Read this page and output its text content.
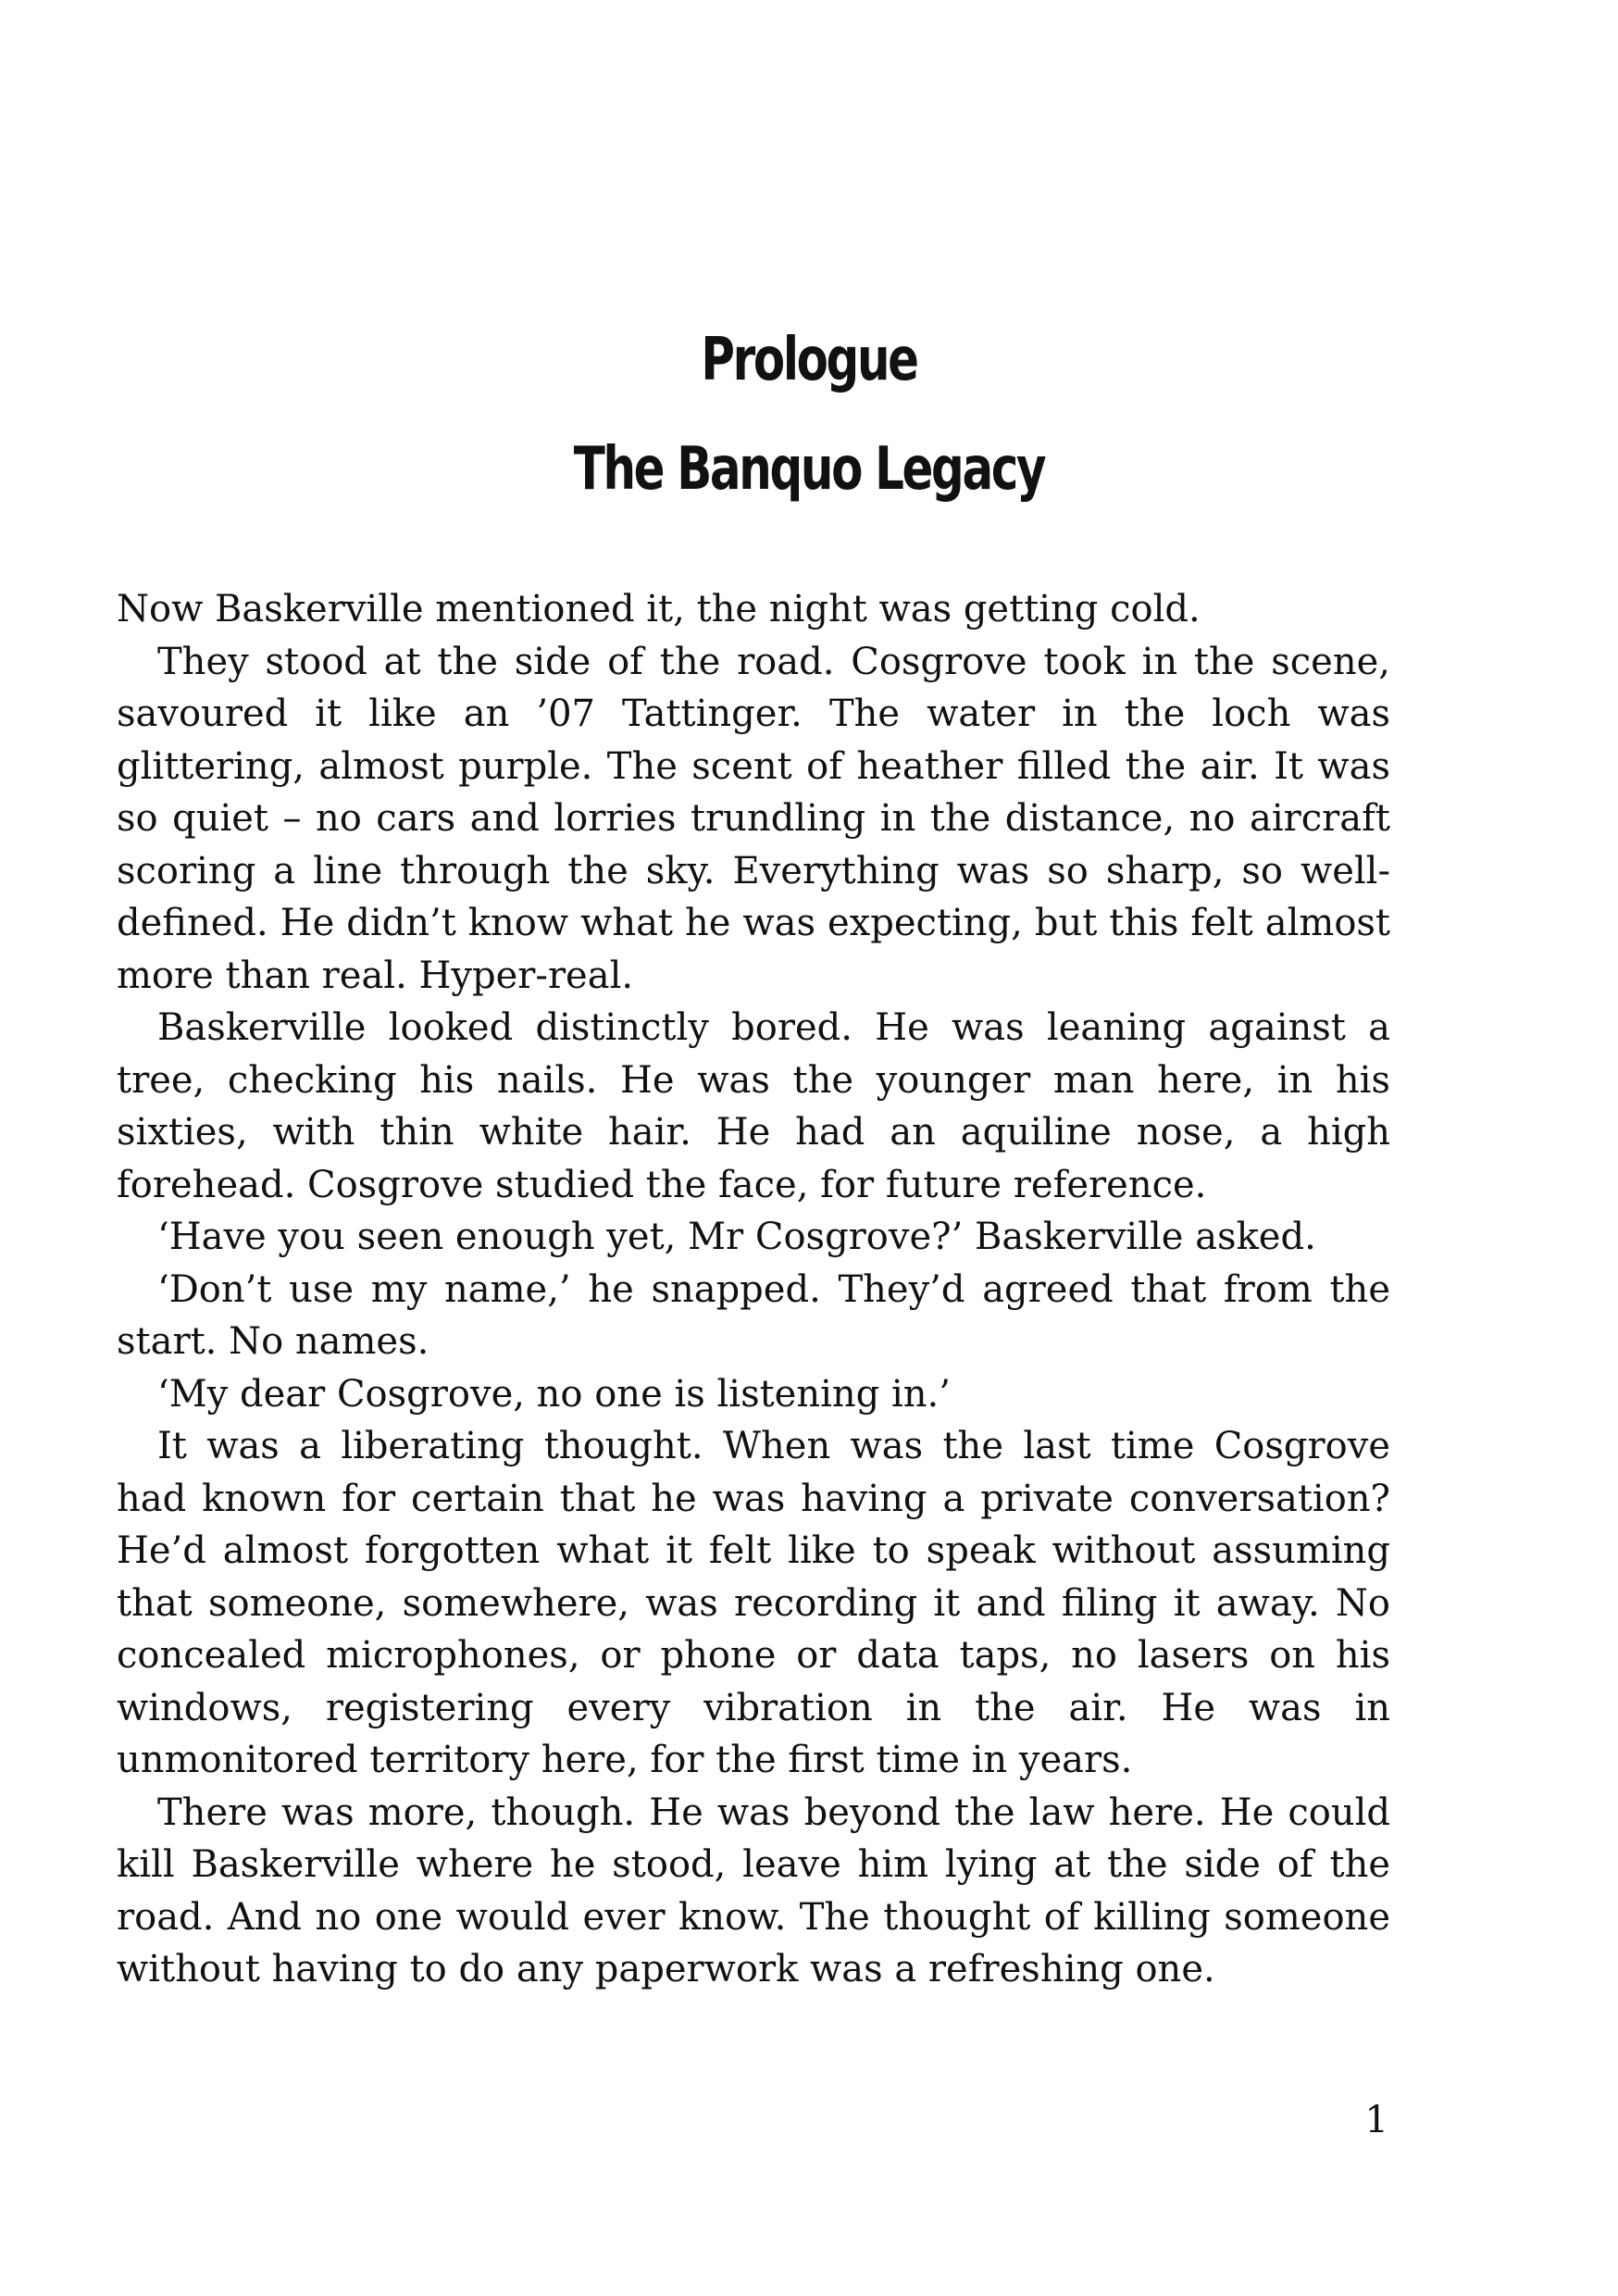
Prologue
The Banquo Legacy

Now Baskerville mentioned it, the night was getting cold.

They stood at the side of the road. Cosgrove took in the scene, savoured it like an ’07 Tattinger. The water in the loch was glittering, almost purple. The scent of heather filled the air. It was so quiet – no cars and lorries trundling in the distance, no aircraft scoring a line through the sky. Everything was so sharp, so well-defined. He didn’t know what he was expecting, but this felt almost more than real. Hyper-real.

Baskerville looked distinctly bored. He was leaning against a tree, checking his nails. He was the younger man here, in his sixties, with thin white hair. He had an aquiline nose, a high forehead. Cosgrove studied the face, for future reference.

‘Have you seen enough yet, Mr Cosgrove?’ Baskerville asked.

‘Don’t use my name,’ he snapped. They’d agreed that from the start. No names.

‘My dear Cosgrove, no one is listening in.’

It was a liberating thought. When was the last time Cosgrove had known for certain that he was having a private conversation? He’d almost forgotten what it felt like to speak without assuming that someone, somewhere, was recording it and filing it away. No concealed microphones, or phone or data taps, no lasers on his windows, registering every vibration in the air. He was in unmonitored territory here, for the first time in years.

There was more, though. He was beyond the law here. He could kill Baskerville where he stood, leave him lying at the side of the road. And no one would ever know. The thought of killing someone without having to do any paperwork was a refreshing one.

1
